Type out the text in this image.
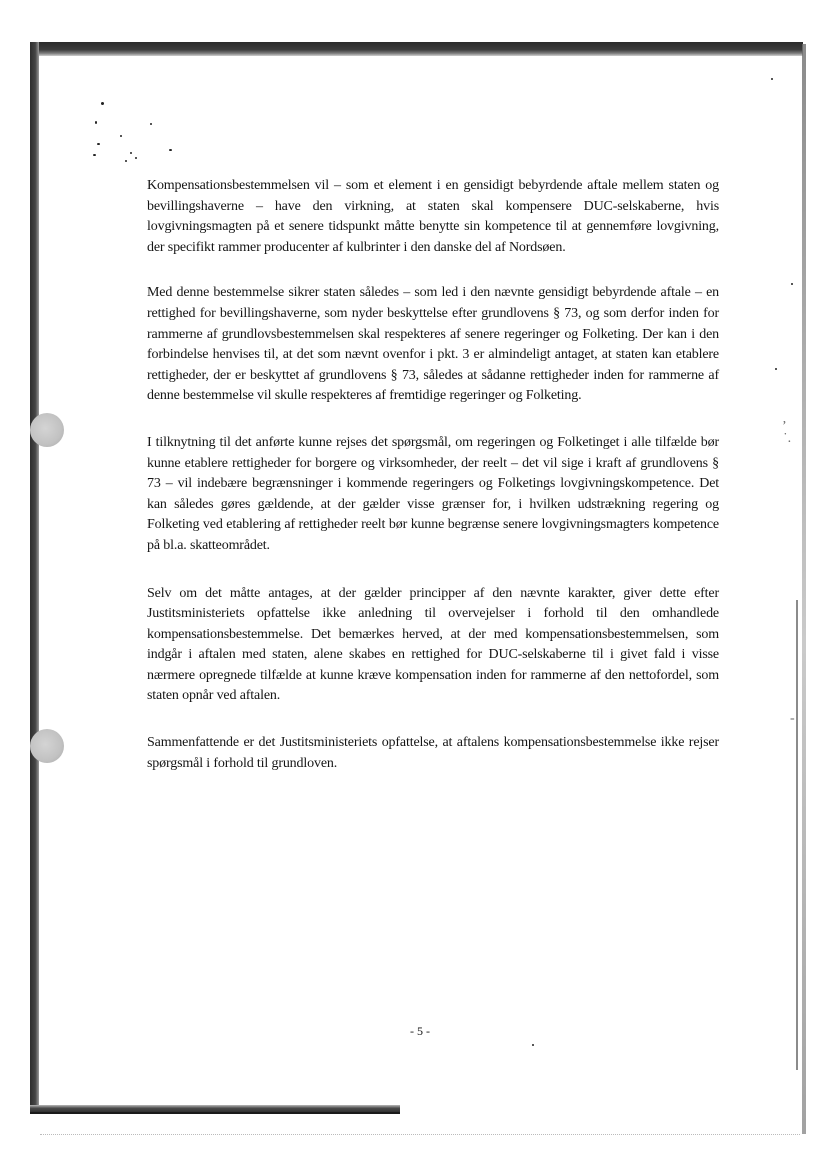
ʼ
˙.
-

Kompensationsbestemmelsen vil – som et element i en gensidigt bebyrdende aftale mellem staten og bevillingshaverne – have den virkning, at staten skal kompensere DUC-selskaberne, hvis lovgivningsmagten på et senere tidspunkt måtte benytte sin kompetence til at gennemføre lovgivning, der specifikt rammer producenter af kulbrinter i den danske del af Nordsøen.

Med denne bestemmelse sikrer staten således – som led i den nævnte gensidigt bebyrdende aftale – en rettighed for bevillingshaverne, som nyder beskyttelse efter grundlovens § 73, og som derfor inden for rammerne af grundlovsbestemmelsen skal respekteres af senere regeringer og Folketing. Der kan i den forbindelse henvises til, at det som nævnt ovenfor i pkt. 3 er almindeligt antaget, at staten kan etablere rettigheder, der er beskyttet af grundlovens § 73, således at sådanne rettigheder inden for rammerne af denne bestemmelse vil skulle respekteres af fremtidige regeringer og Folketing.

I tilknytning til det anførte kunne rejses det spørgsmål, om regeringen og Folketinget i alle tilfælde bør kunne etablere rettigheder for borgere og virksomheder, der reelt – det vil sige i kraft af grundlovens § 73 – vil indebære begrænsninger i kommende regeringers og Folketings lovgivningskompetence. Det kan således gøres gældende, at der gælder visse grænser for, i hvilken udstrækning regering og Folketing ved etablering af rettigheder reelt bør kunne begrænse senere lovgivningsmagters kompetence på bl.a. skatteområdet.

Selv om det måtte antages, at der gælder principper af den nævnte karakter, giver dette efter Justitsministeriets opfattelse ikke anledning til overvejelser i forhold til den omhandlede kompensationsbestemmelse. Det bemærkes herved, at der med kompensationsbestemmelsen, som indgår i aftalen med staten, alene skabes en rettighed for DUC-selskaberne til i givet fald i visse nærmere opregnede tilfælde at kunne kræve kompensation inden for rammerne af den nettofordel, som staten opnår ved aftalen.

Sammenfattende er det Justitsministeriets opfattelse, at aftalens kompensationsbestemmelse ikke rejser spørgsmål i forhold til grundloven.

- 5 -
